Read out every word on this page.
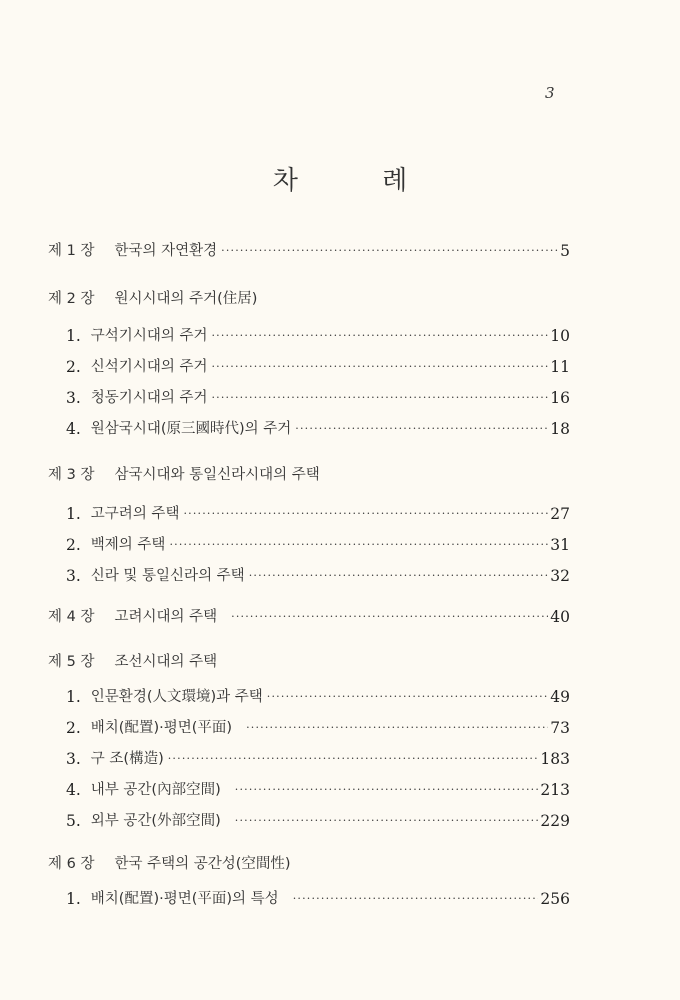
3
차 례
제 1 장 한국의 자연환경 ·····	5
제 2 장 원시시대의 주거(住居)
1. 구석기시대의 주거 ·····	10
2. 신석기시대의 주거 ·····	11
3. 청동기시대의 주거 ·····	16
4. 원삼국시대(原三國時代)의 주거 ·····	18
제 3 장 삼국시대와 통일신라시대의 주택
1. 고구려의 주택 ·····	27
2. 백제의 주택 ·····	31
3. 신라 및 통일신라의 주택 ·····	32
제 4 장 고려시대의 주택 ·····	40
제 5 장 조선시대의 주택
1. 인문환경(人文環境)과 주택 ·····	49
2. 배치(配置)·평면(平面) ·····	73
3. 구 조(構造) ·····	183
4. 내부 공간(內部空間) ·····	213
5. 외부 공간(外部空間) ·····	229
제 6 장 한국 주택의 공간성(空間性)
1. 배치(配置)·평면(平面)의 특성 ·····	256
